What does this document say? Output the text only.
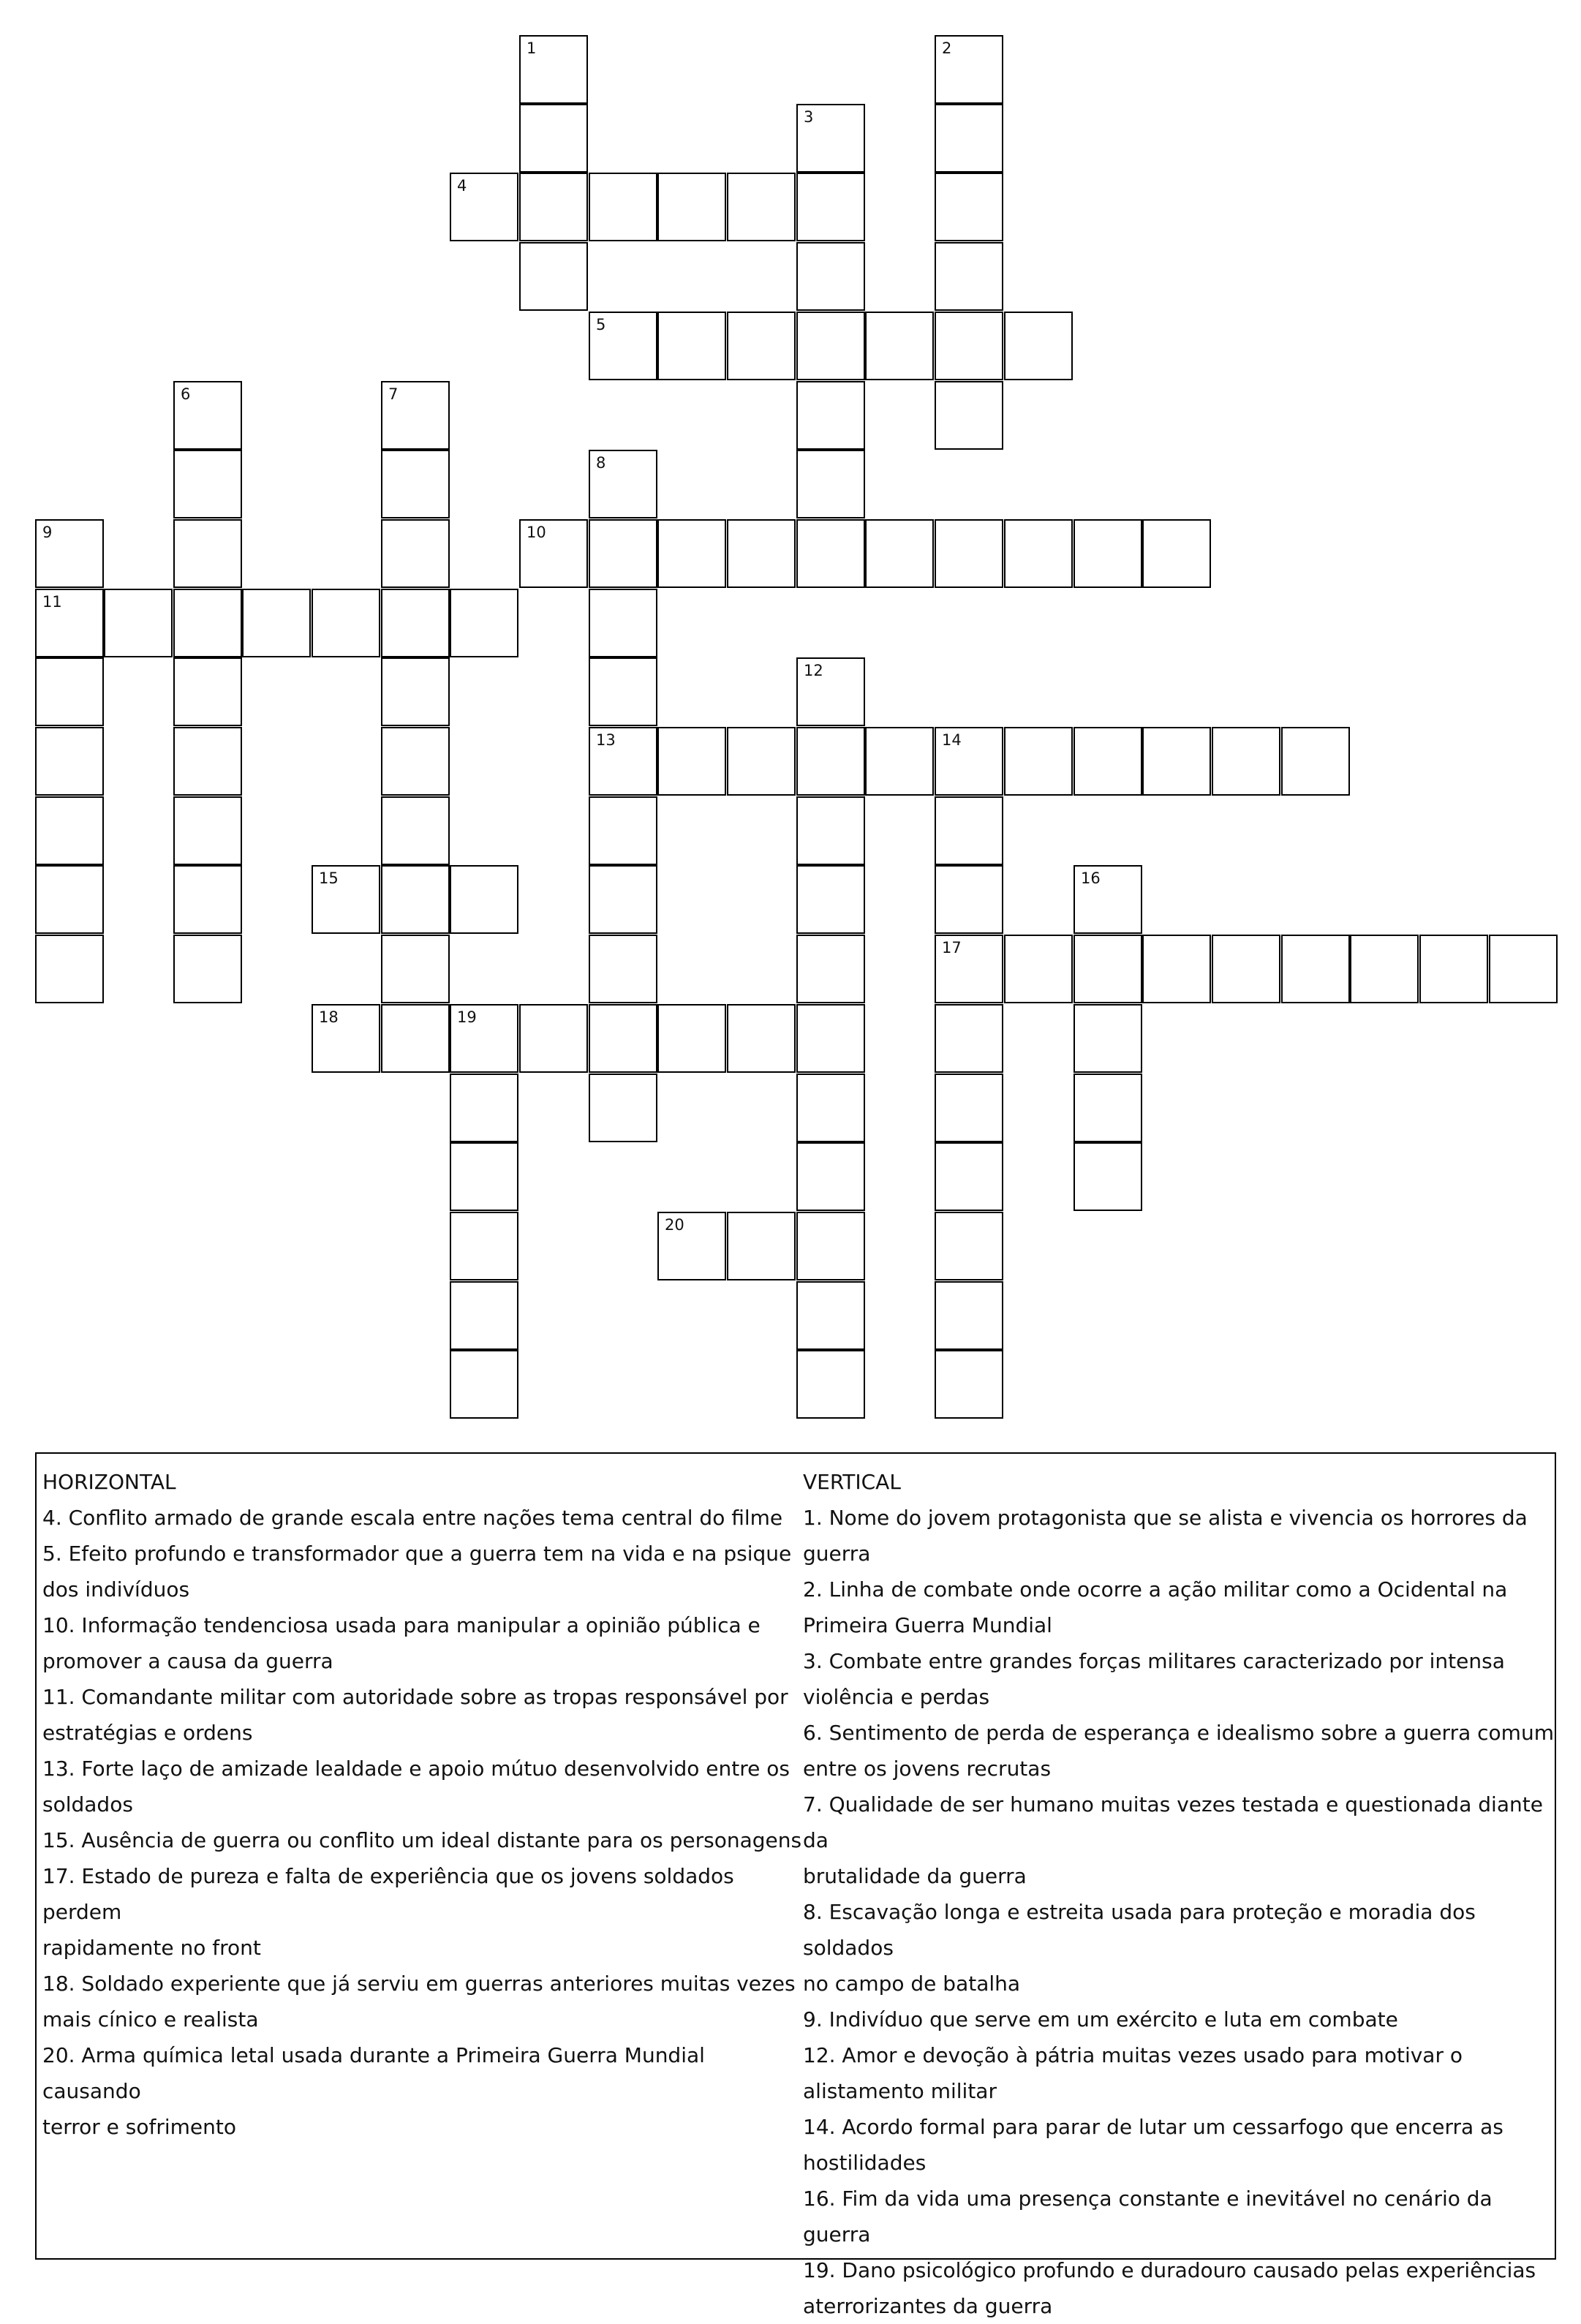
1	2
3
4
5
6	7
8
9	10
11
12
13	14
15	16
17
18	19
20

HORIZONTAL

4. Conflito armado de grande escala entre nações tema central do filme

5. Efeito profundo e transformador que a guerra tem na vida e na psique

dos indivíduos

10. Informação tendenciosa usada para manipular a opinião pública e

promover a causa da guerra

11. Comandante militar com autoridade sobre as tropas responsável por

estratégias e ordens

13. Forte laço de amizade lealdade e apoio mútuo desenvolvido entre os

soldados

15. Ausência de guerra ou conflito um ideal distante para os personagens

17. Estado de pureza e falta de experiência que os jovens soldados perdem

rapidamente no front

18. Soldado experiente que já serviu em guerras anteriores muitas vezes

mais cínico e realista

20. Arma química letal usada durante a Primeira Guerra Mundial causando

terror e sofrimento

VERTICAL

1. Nome do jovem protagonista que se alista e vivencia os horrores da

guerra

2. Linha de combate onde ocorre a ação militar como a Ocidental na

Primeira Guerra Mundial

3. Combate entre grandes forças militares caracterizado por intensa

violência e perdas

6. Sentimento de perda de esperança e idealismo sobre a guerra comum

entre os jovens recrutas

7. Qualidade de ser humano muitas vezes testada e questionada diante da

brutalidade da guerra

8. Escavação longa e estreita usada para proteção e moradia dos soldados

no campo de batalha

9. Indivíduo que serve em um exército e luta em combate

12. Amor e devoção à pátria muitas vezes usado para motivar o

alistamento militar

14. Acordo formal para parar de lutar um cessarfogo que encerra as

hostilidades

16. Fim da vida uma presença constante e inevitável no cenário da guerra

19. Dano psicológico profundo e duradouro causado pelas experiências

aterrorizantes da guerra
